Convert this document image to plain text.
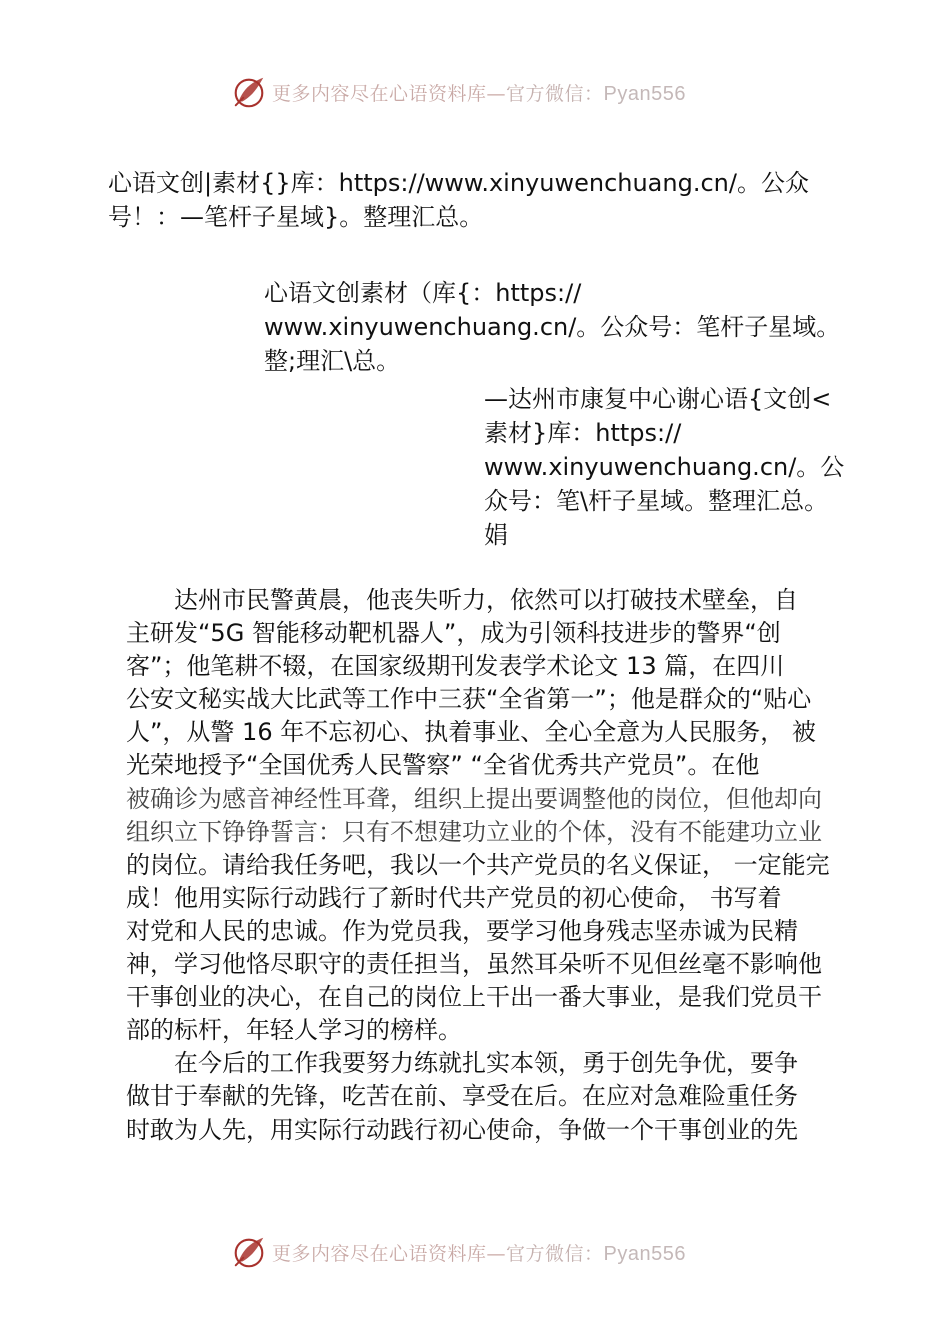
更多内容尽在心语资料库—官方微信：Pyan556
心语文创|素材{}库：https://www.xinyuwenchuang.cn/。公众
号！：—笔杆子星域}。整理汇总。
心语文创素材（库{：https://
www.xinyuwenchuang.cn/。公众号：笔杆子星域。
整;理汇\总。
—达州市康复中心谢心语{文创<
素材}库：https://
www.xinyuwenchuang.cn/。公
众号：笔\杆子星域。整理汇总。
娟
　　达州市民警黄晨，他丧失听力，依然可以打破技术壁垒，自
主研发“5G 智能移动靶机器人”，成为引领科技进步的警界“创
客”；他笔耕不辍，在国家级期刊发表学术论文 13 篇，在四川
公安文秘实战大比武等工作中三获“全省第一”；他是群众的“贴心
人”，从警 16 年不忘初心、执着事业、全心全意为人民服务， 被
光荣地授予“全国优秀人民警察” “全省优秀共产党员”。在他
被确诊为感音神经性耳聋，组织上提出要调整他的岗位，但他却向
组织立下铮铮誓言：只有不想建功立业的个体，没有不能建功立业
的岗位。请给我任务吧，我以一个共产党员的名义保证， 一定能完
成！他用实际行动践行了新时代共产党员的初心使命， 书写着
对党和人民的忠诚。作为党员我，要学习他身残志坚赤诚为民精
神，学习他恪尽职守的责任担当，虽然耳朵听不见但丝毫不影响他
干事创业的决心，在自己的岗位上干出一番大事业，是我们党员干
部的标杆，年轻人学习的榜样。
　　在今后的工作我要努力练就扎实本领，勇于创先争优，要争
做甘于奉献的先锋，吃苦在前、享受在后。在应对急难险重任务
时敢为人先，用实际行动践行初心使命，争做一个干事创业的先
更多内容尽在心语资料库—官方微信：Pyan556
